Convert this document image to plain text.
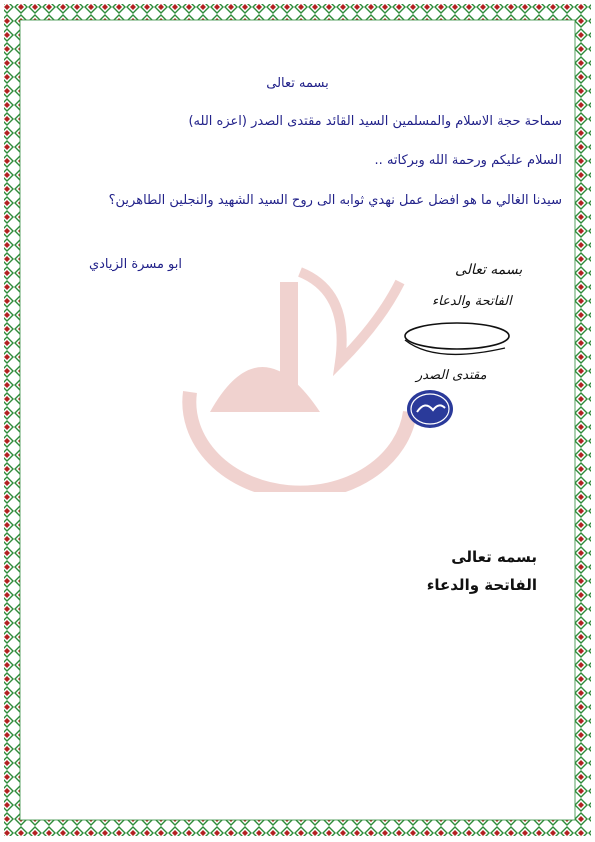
بسمه تعالى
سماحة حجة الاسلام والمسلمين السيد القائد مقتدى الصدر (اعزه الله)
السلام عليكم ورحمة الله وبركاته ..
سيدنا الغالي ما هو افضل عمل نهدي ثوابه الى روح السيد الشهيد والنجلين الطاهرين؟
ابو مسرة الزيادي	بسمه تعالى
الفاتحة والدعاء
مقتدى الصدر
بسمه تعالى
الفاتحة والدعاء
